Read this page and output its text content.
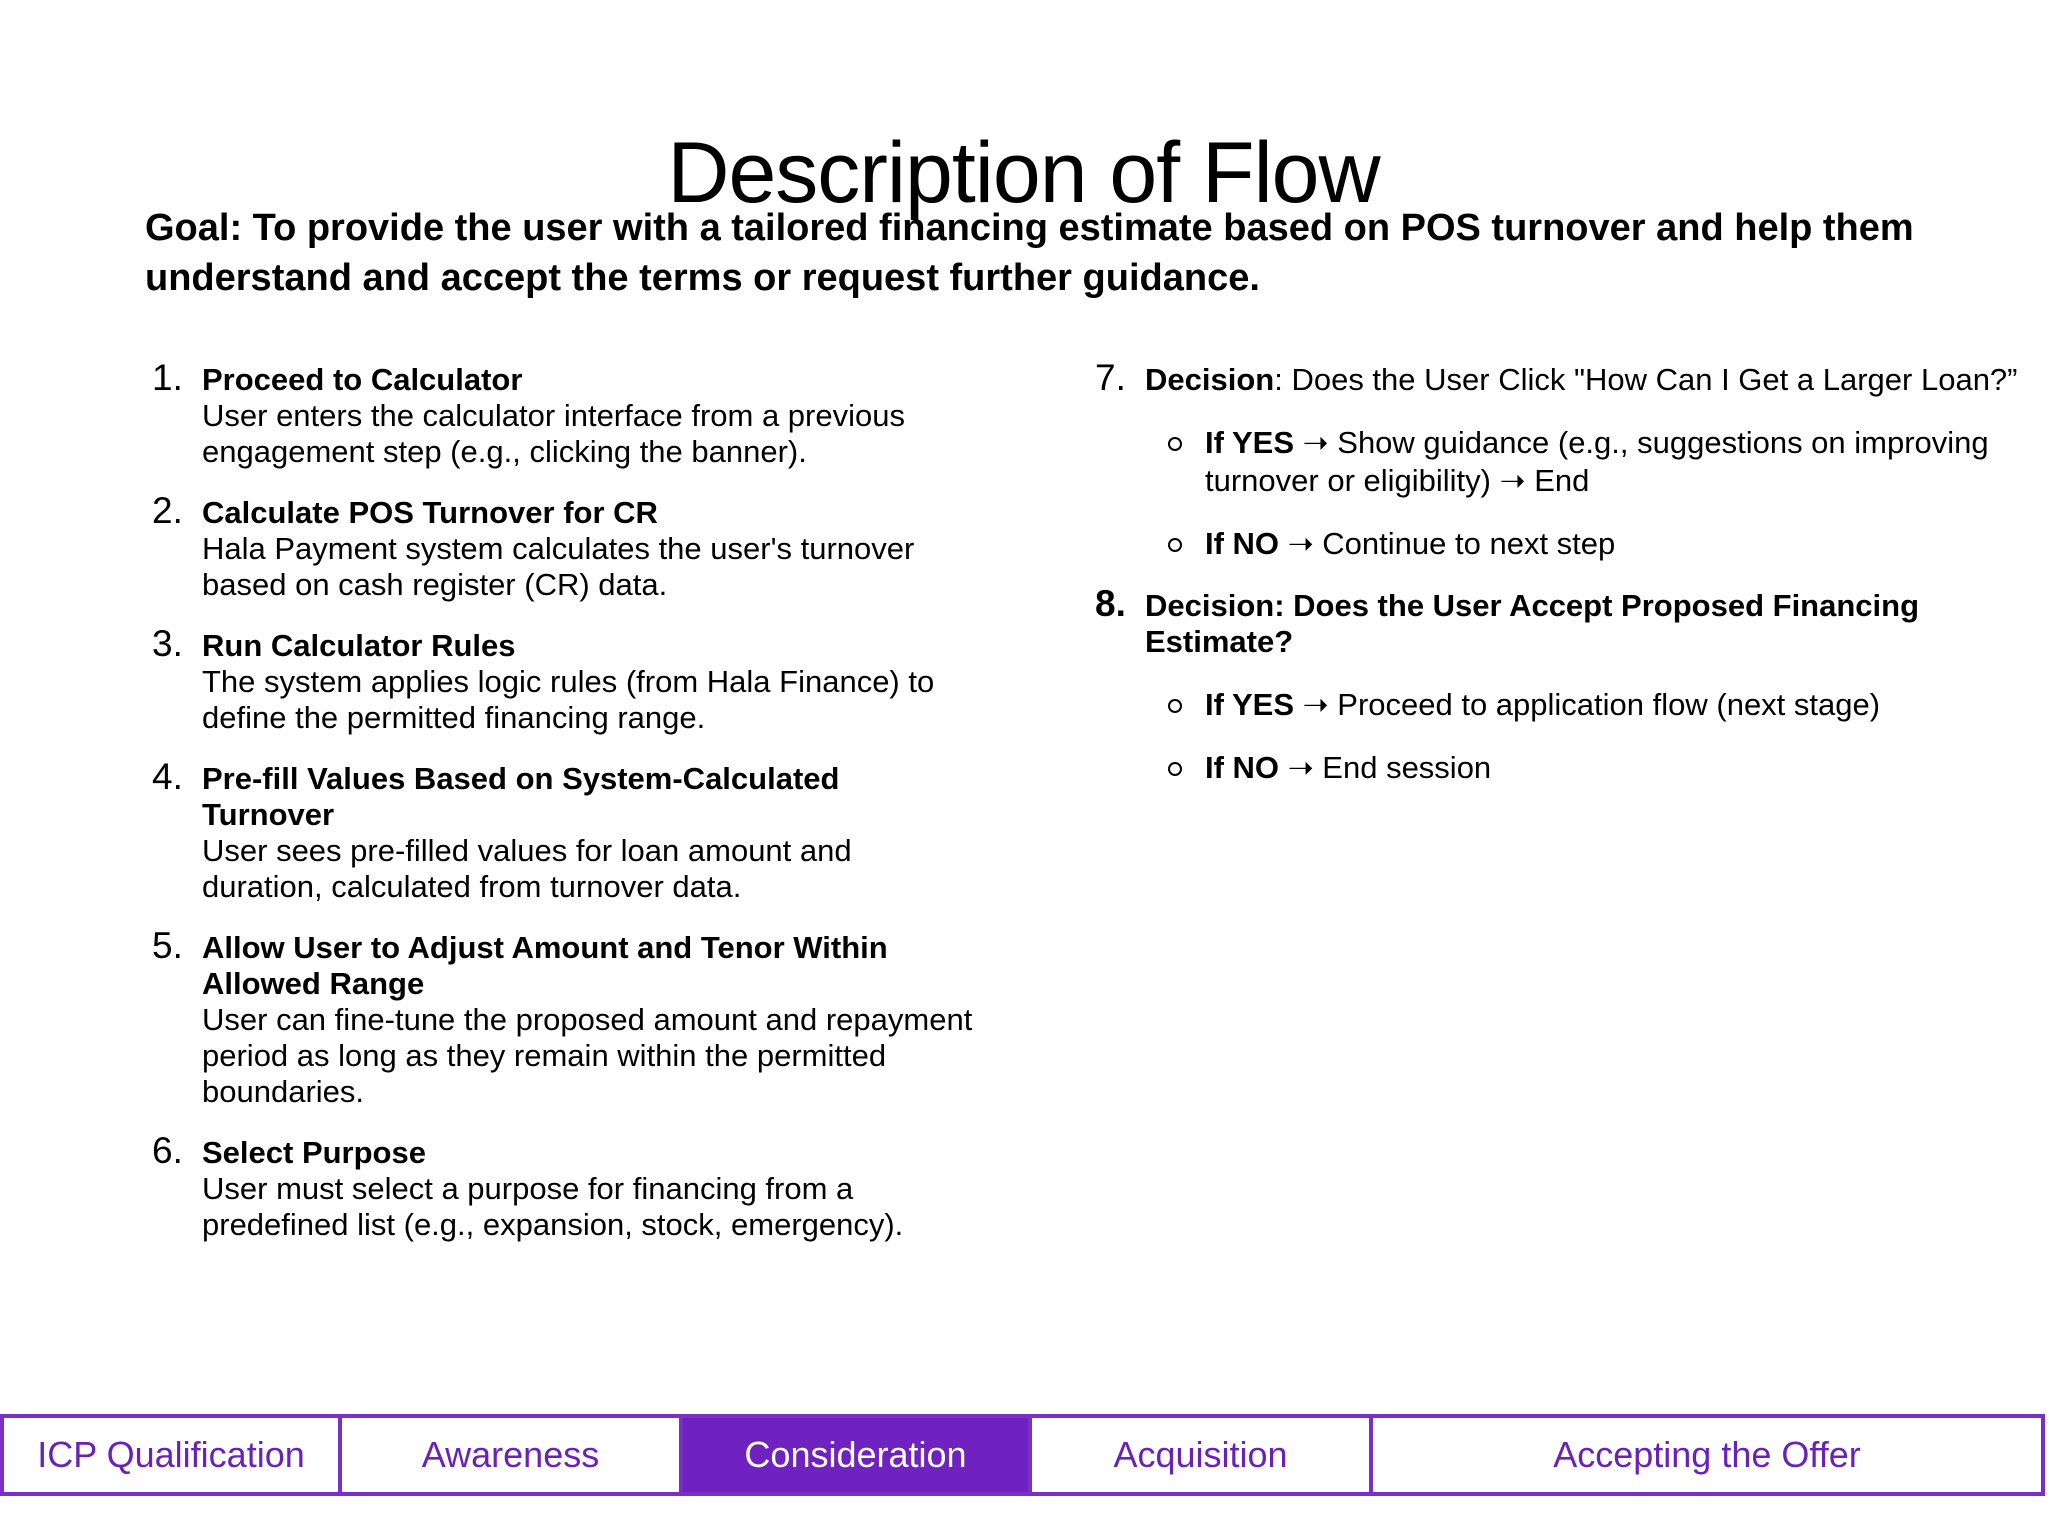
Description of Flow
Goal: To provide the user with a tailored financing estimate based on POS turnover and help them understand and accept the terms or request further guidance.
1. Proceed to Calculator
User enters the calculator interface from a previous engagement step (e.g., clicking the banner).
2. Calculate POS Turnover for CR
Hala Payment system calculates the user's turnover based on cash register (CR) data.
3. Run Calculator Rules
The system applies logic rules (from Hala Finance) to define the permitted financing range.
4. Pre-fill Values Based on System-Calculated Turnover
User sees pre-filled values for loan amount and duration, calculated from turnover data.
5. Allow User to Adjust Amount and Tenor Within Allowed Range
User can fine-tune the proposed amount and repayment period as long as they remain within the permitted boundaries.
6. Select Purpose
User must select a purpose for financing from a predefined list (e.g., expansion, stock, emergency).
7. Decision: Does the User Click "How Can I Get a Larger Loan?”
If YES ➝ Show guidance (e.g., suggestions on improving turnover or eligibility) ➝ End
If NO ➝ Continue to next step
8. Decision: Does the User Accept Proposed Financing Estimate?
If YES ➝ Proceed to application flow (next stage)
If NO ➝ End session
ICP Qualification	Awareness	Consideration	Acquisition	Accepting the Offer
